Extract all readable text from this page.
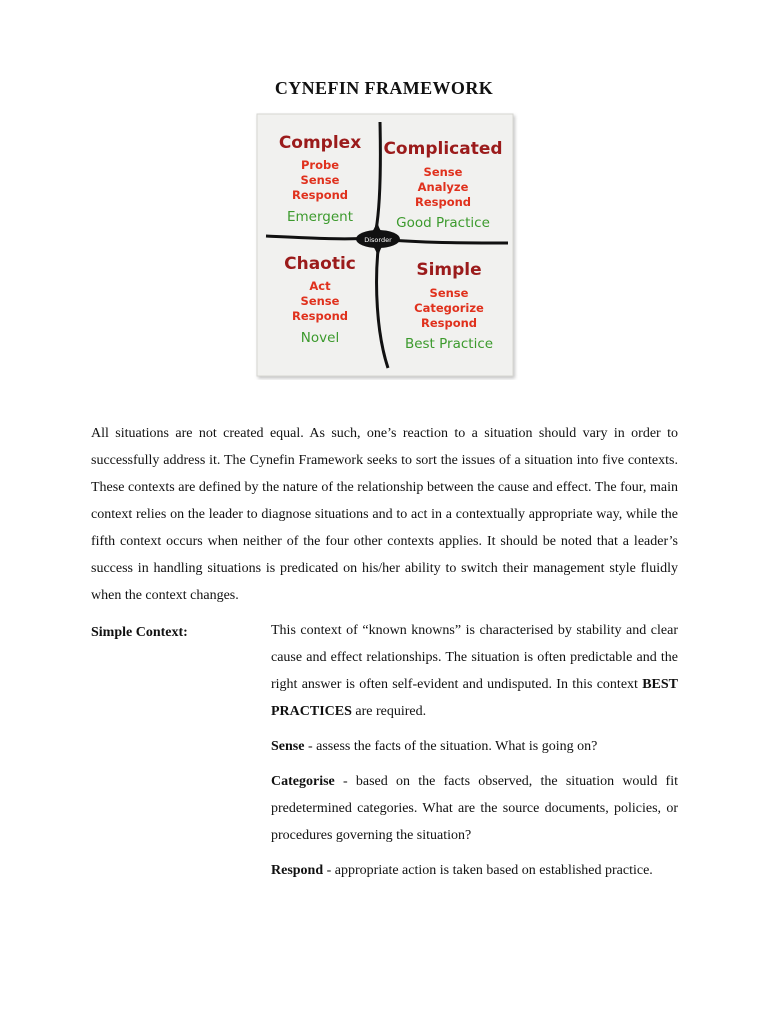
CYNEFIN FRAMEWORK
Disorder
Complex
Probe
Sense
Respond
Emergent
Complicated
Sense
Analyze
Respond
Good Practice
Chaotic
Act
Sense
Respond
Novel
Simple
Sense
Categorize
Respond
Best Practice

All situations are not created equal. As such, one’s reaction to a situation should vary in order to successfully address it. The Cynefin Framework seeks to sort the issues of a situation into five contexts. These contexts are defined by the nature of the relationship between the cause and effect. The four, main context relies on the leader to diagnose situations and to act in a contextually appropriate way, while the fifth context occurs when neither of the four other contexts applies. It should be noted that a leader’s success in handling situations is predicated on his/her ability to switch their management style fluidly when the context changes.

Simple Context:	This context of “known knowns” is characterised by stability and clear cause and effect relationships. The situation is often predictable and the right answer is often self-evident and undisputed. In this context BEST PRACTICES are required.

Sense - assess the facts of the situation. What is going on?

Categorise - based on the facts observed, the situation would fit predetermined categories. What are the source documents, policies, or procedures governing the situation?

Respond - appropriate action is taken based on established practice.
